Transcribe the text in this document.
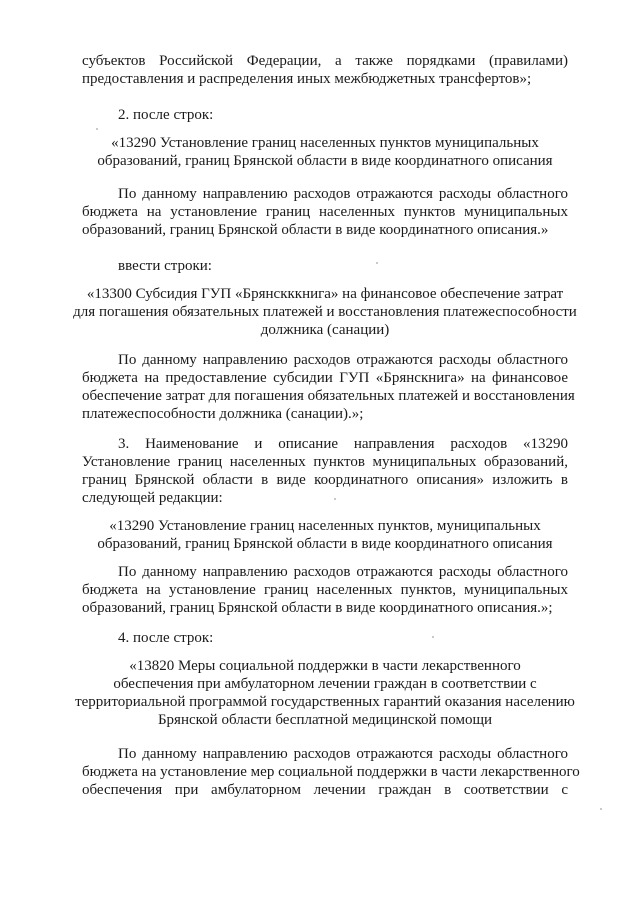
субъектов Российской Федерации, а также порядками (правилами)
предоставления и распределения иных межбюджетных трансфертов»;
2. после строк:
«13290 Установление границ населенных пунктов муниципальных
образований, границ Брянской области в виде координатного описания
По данному направлению расходов отражаются расходы областного
бюджета на установление границ населенных пунктов муниципальных
образований, границ Брянской области в виде координатного описания.»
ввести строки:
«13300 Субсидия ГУП «Брянскккнига» на финансовое обеспечение затрат
для погашения обязательных платежей и восстановления платежеспособности
должника (санации)
По данному направлению расходов отражаются расходы областного
бюджета на предоставление субсидии ГУП «Брянскнига» на финансовое
обеспечение затрат для погашения обязательных платежей и восстановления
платежеспособности должника (санации).»;
3. Наименование и описание направления расходов «13290
Установление границ населенных пунктов муниципальных образований,
границ Брянской области в виде координатного описания» изложить в
следующей редакции:
«13290 Установление границ населенных пунктов, муниципальных
образований, границ Брянской области в виде координатного описания
По данному направлению расходов отражаются расходы областного
бюджета на установление границ населенных пунктов, муниципальных
образований, границ Брянской области в виде координатного описания.»;
4. после строк:
«13820 Меры социальной поддержки в части лекарственного
обеспечения при амбулаторном лечении граждан в соответствии с
территориальной программой государственных гарантий оказания населению
Брянской области бесплатной медицинской помощи
По данному направлению расходов отражаются расходы областного
бюджета на установление мер социальной поддержки в части лекарственного
обеспечения при амбулаторном лечении граждан в соответствии с
